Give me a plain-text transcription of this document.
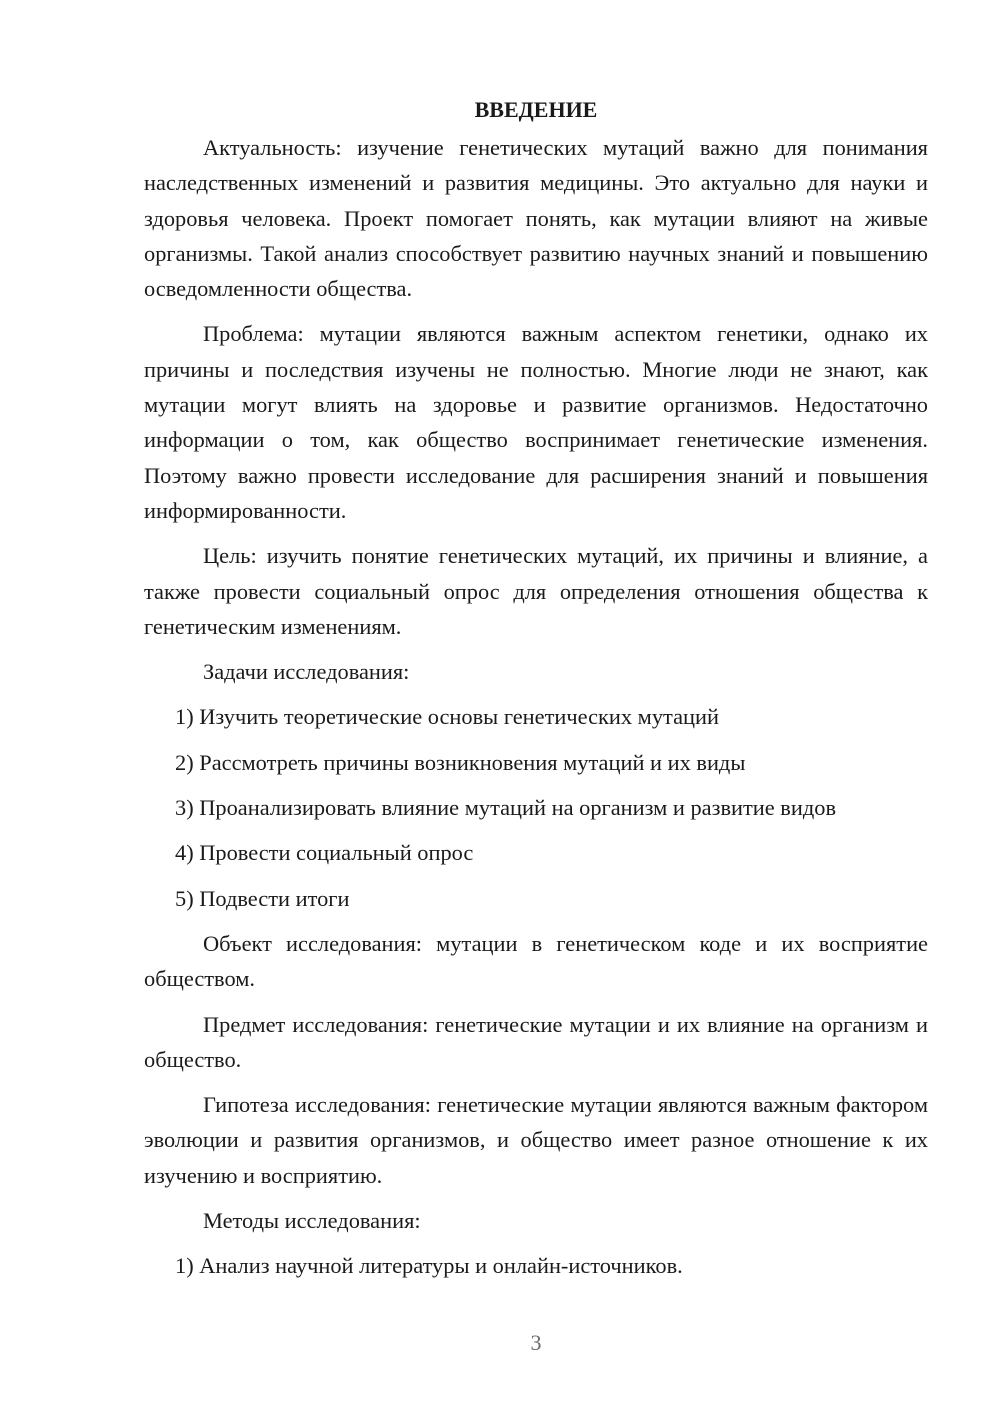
ВВЕДЕНИЕ
Актуальность: изучение генетических мутаций важно для понимания наследственных изменений и развития медицины. Это актуально для науки и здоровья человека. Проект помогает понять, как мутации влияют на живые организмы. Такой анализ способствует развитию научных знаний и повышению осведомленности общества.
Проблема: мутации являются важным аспектом генетики, однако их причины и последствия изучены не полностью. Многие люди не знают, как мутации могут влиять на здоровье и развитие организмов. Недостаточно информации о том, как общество воспринимает генетические изменения. Поэтому важно провести исследование для расширения знаний и повышения информированности.
Цель: изучить понятие генетических мутаций, их причины и влияние, а также провести социальный опрос для определения отношения общества к генетическим изменениям.
Задачи исследования:
1) Изучить теоретические основы генетических мутаций
2) Рассмотреть причины возникновения мутаций и их виды
3) Проанализировать влияние мутаций на организм и развитие видов
4) Провести социальный опрос
5) Подвести итоги
Объект исследования: мутации в генетическом коде и их восприятие обществом.
Предмет исследования: генетические мутации и их влияние на организм и общество.
Гипотеза исследования: генетические мутации являются важным фактором эволюции и развития организмов, и общество имеет разное отношение к их изучению и восприятию.
Методы исследования:
1) Анализ научной литературы и онлайн-источников.
3
